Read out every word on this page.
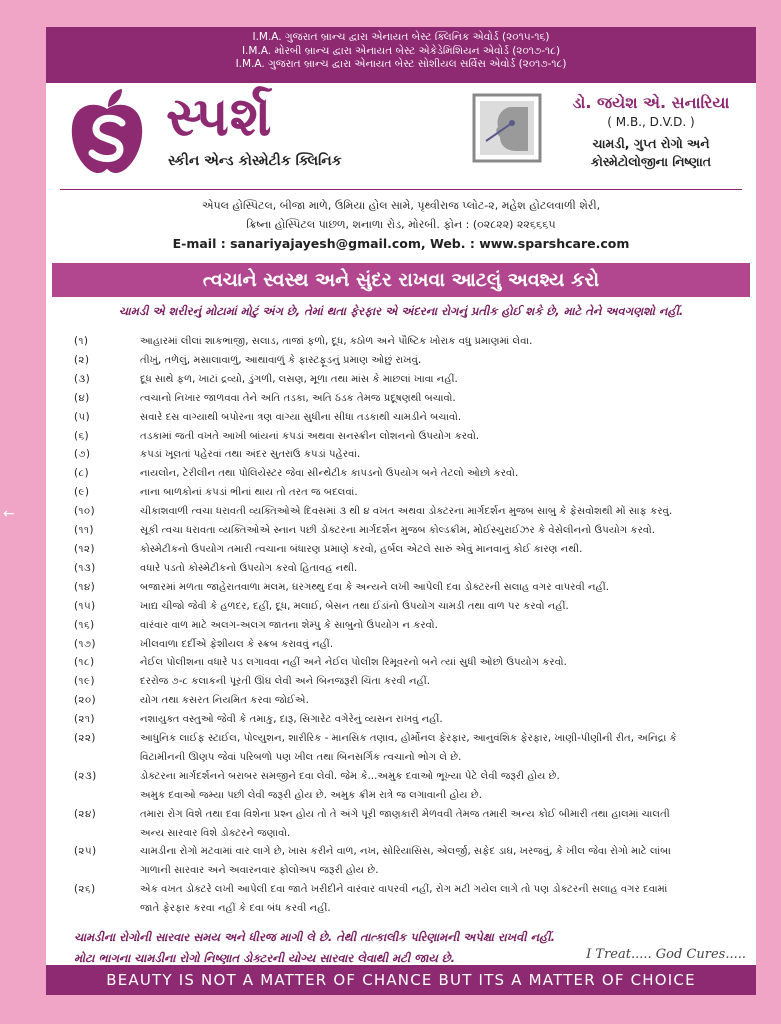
←
I.M.A. ગુજરાત બ્રાન્ચ દ્વારા એનાયત બેસ્ટ ક્લિનિક એવોર્ડ (૨૦૧૫-૧૬)
I.M.A. મોરબી બ્રાન્ચ દ્વારા એનાયત બેસ્ટ એકેડેમિશિયન એવોર્ડ (૨૦૧૭-૧૮)
I.M.A. ગુજરાત બ્રાન્ચ દ્વારા એનાયત બેસ્ટ સોશીયલ સર્વિસ એવોર્ડ (૨૦૧૭-૧૮)
સ્પર્શ
સ્કીન એન્ડ કોસ્મેટીક ક્લિનિક
ડો. જયેશ એ. સનારિયા
( M.B., D.V.D. )
ચામડી, ગુપ્ત રોગો અને
કોસ્મેટોલોજીના નિષ્ણાત
એપલ હોસ્પિટલ, બીજા માળે, ઉમિયા હોલ સામે, પૃથ્વીરાજ પ્લોટ-૨, મહેશ હોટલવાળી શેરી,
ક્રિષ્ના હોસ્પિટલ પાછળ, શનાળા રોડ, મોરબી. ફોન : (૦૨૮૨૨) ૨૨૬૬૬૫
E-mail : sanariyajayesh@gmail.com, Web. : www.sparshcare.com
ત્વચાને સ્વસ્થ અને સુંદર રાખવા આટલું અવશ્ય કરો
ચામડી એ શરીરનું મોટામાં મોટું અંગ છે, તેમાં થતા ફેરફાર એ અંદરના રોગનું પ્રતીક હોઈ શકે છે, માટે તેને અવગણશો નહીં.
(૧)	આહારમાં લીલાં શાકભાજી, સલાડ, તાજાં ફળો, દૂધ, કઠોળ અને પૌષ્ટિક ખોરાક વધુ પ્રમાણમાં લેવા.
(૨)	તીખું, તળેલું, મસાલાવાળું, આથાવાળું કે ફાસ્ટફૂડનું પ્રમાણ ઓછું રાખવું.
(૩)	દૂધ સાથે ફળ, ખાટાં દ્રવ્યો, ડુંગળી, લસણ, મૂળા તથા માંસ કે માછલાં ખાવા નહીં.
(૪)	ત્વચાનો નિખાર જાળવવા તેને અતિ તડકા, અતિ ઠંડક તેમજ પ્રદૂષણથી બચાવો.
(૫)	સવારે દસ વાગ્યાથી બપોરના ત્રણ વાગ્યા સુધીના સીધા તડકાથી ચામડીને બચાવો.
(૬)	તડકામાં જતી વખતે આખી બાંયનાં કપડાં અથવા સનસ્ક્રીન લોશનનો ઉપયોગ કરવો.
(૭)	કપડાં ખૂલતાં પહેરવાં તથા અંદર સુતરાઉ કપડાં પહેરવાં.
(૮)	નાયલોન, ટેરીલીન તથા પોલિયેસ્ટર જેવા સીન્થેટીક કાપડનો ઉપયોગ બને તેટલો ઓછો કરવો.
(૯)	નાના બાળકોનાં કપડાં ભીનાં થાય તો તરત જ બદલવાં.
(૧૦)	ચીકાશવાળી ત્વચા ધરાવતી વ્યક્તિઓએ દિવસમાં ૩ થી ૪ વખત અથવા ડોક્ટરના માર્ગદર્શન મુજબ સાબુ કે ફેસવોશથી મોં સાફ કરવું.
(૧૧)	સૂકી ત્વચા ધરાવતા વ્યક્તિઓએ સ્નાન પછી ડોક્ટરના માર્ગદર્શન મુજબ કોલ્ડક્રીમ, મોઈસ્ચુરાઈઝર કે વેસેલીનનો ઉપયોગ કરવો.
(૧૨)	કોસ્મેટીકનો ઉપયોગ તમારી ત્વચાના બંધારણ પ્રમાણે કરવો, હર્બલ એટલે સારું એવું માનવાનું કોઈ કારણ નથી.
(૧૩)	વધારે પડતો કોસ્મેટીકનો ઉપયોગ કરવો હિતાવહ નથી.
(૧૪)	બજારમાં મળતા જાહેરાતવાળા મલમ, ઘરગથ્થુ દવા કે અન્યને લખી આપેલી દવા ડોક્ટરની સલાહ વગર વાપરવી નહીં.
(૧૫)	ખાદ્ય ચીજો જેવી કે હળદર, દહીં, દૂધ, મલાઈ, બેસન તથા ઈંડાંનો ઉપયોગ ચામડી તથા વાળ પર કરવો નહીં.
(૧૬)	વારંવાર વાળ માટે અલગ-અલગ જાતના શેમ્પુ કે સાબુનો ઉપયોગ ન કરવો.
(૧૭)	ખીલવાળા દર્દીએ ફેશીયલ કે સ્ક્રબ કરાવવું નહીં.
(૧૮)	નેઈલ પોલીશના વધારે પડ લગાવવા નહીં અને નેઈલ પોલીશ રિમૂવરનો બને ત્યાં સુધી ઓછો ઉપયોગ કરવો.
(૧૯)	દરરોજ ૭-૮ કલાકની પૂરતી ઊંઘ લેવી અને બિનજરૂરી ચિંતા કરવી નહીં.
(૨૦)	યોગ તથા કસરત નિયમિત કરવા જોઈએ.
(૨૧)	નશાયુક્ત વસ્તુઓ જેવી કે તમાકુ, દારૂ, સિગારેટ વગેરેનું વ્યસન રાખવું નહીં.
(૨૨)	આધુનિક લાઈફ સ્ટાઈલ, પોલ્યુશન, શારીરિક - માનસિક તણાવ, હોર્મોનલ ફેરફાર, આનુવંશિક ફેરફાર, ખાણી-પીણીની રીત, અનિદ્રા કે
વિટામીનની ઊણપ જેવાં પરિબળો પણ ખીલ તથા બિનસર્ગિક ત્વચાનો ભોગ લે છે.
(૨૩)	ડોક્ટરના માર્ગદર્શનને બરાબર સમજીને દવા લેવી. જેમ કે...અમુક દવાઓ ભૂખ્યા પેટે લેવી જરૂરી હોય છે.
અમુક દવાઓ જમ્યા પછી લેવી જરૂરી હોય છે. અમુક ક્રીમ રાત્રે જ લગાવાની હોય છે.
(૨૪)	તમારા રોગ વિશે તથા દવા વિશેના પ્રશ્ન હોય તો તે અંગે પૂરી જાણકારી મેળવવી તેમજ તમારી અન્ય કોઈ બીમારી તથા હાલમાં ચાલતી
અન્ય સારવાર વિશે ડોક્ટરને જણાવો.
(૨૫)	ચામડીના રોગો મટવામાં વાર લાગે છે, ખાસ કરીને વાળ, નખ, સોરિયાસિસ, એલર્જી, સફેદ ડાઘ, ખરજવું, કે ખીલ જેવા રોગો માટે લાંબા
ગાળાની સારવાર અને અવારનવાર ફોલોઅપ જરૂરી હોય છે.
(૨૬)	એક વખત ડોક્ટરે લખી આપેલી દવા જાતે ખરીદીને વારંવાર વાપરવી નહીં, રોગ મટી ગયેલ લાગે તો પણ ડોક્ટરની સલાહ વગર દવામાં
જાતે ફેરફાર કરવા નહીં કે દવા બંધ કરવી નહીં.
ચામડીના રોગોની સારવાર સમય અને ધીરજ માગી લે છે. તેથી તાત્કાલીક પરિણામની અપેક્ષા રાખવી નહીં.
મોટા ભાગના ચામડીના રોગો નિષ્ણાત ડોક્ટરની યોગ્ય સારવાર લેવાથી મટી જાય છે.	I Treat..... God Cures.....
BEAUTY IS NOT A MATTER OF CHANCE BUT ITS A MATTER OF CHOICE
